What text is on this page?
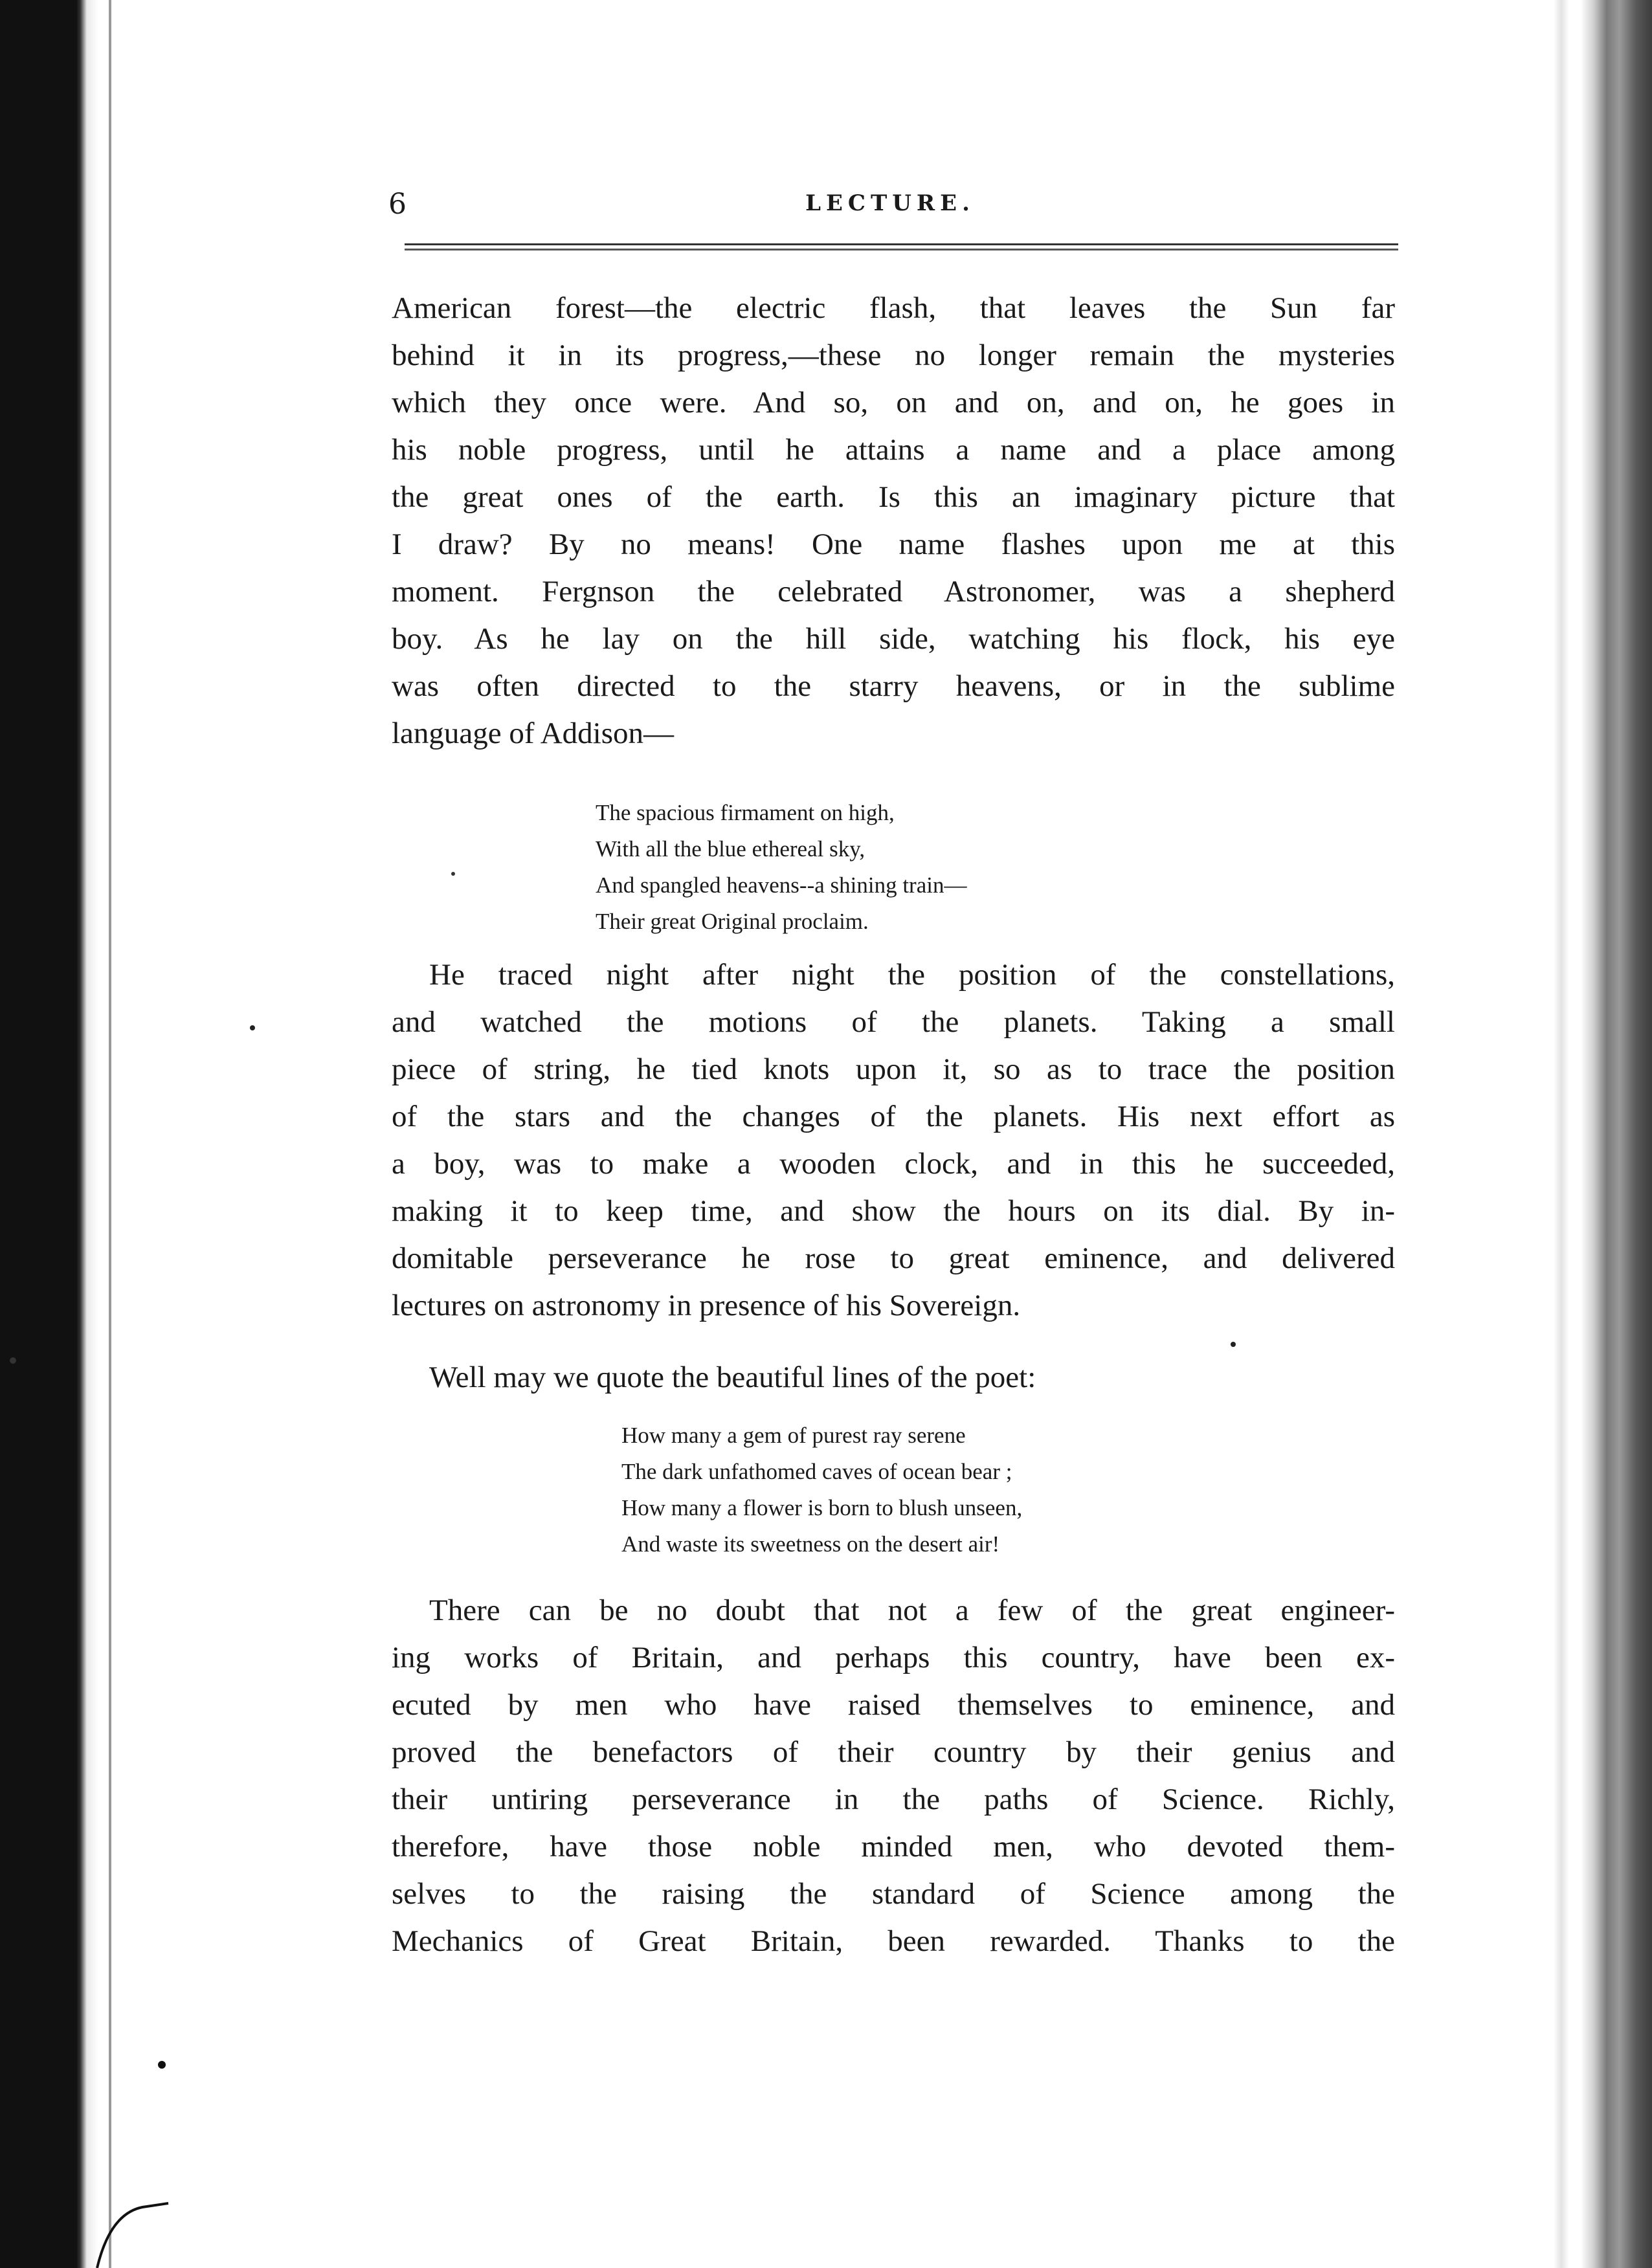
6	LECTURE.
American forest—the electric flash, that leaves the Sun far
behind it in its progress,—these no longer remain the mysteries
which they once were. And so, on and on, and on, he goes in
his noble progress, until he attains a name and a place among
the great ones of the earth. Is this an imaginary picture that
I draw? By no means! One name flashes upon me at this
moment. Fergnson the celebrated Astronomer, was a shepherd
boy. As he lay on the hill side, watching his flock, his eye
was often directed to the starry heavens, or in the sublime
language of Addison—
The spacious firmament on high,
With all the blue ethereal sky,
And spangled heavens--a shining train—
Their great Original proclaim.
He traced night after night the position of the constellations,
and watched the motions of the planets. Taking a small
piece of string, he tied knots upon it, so as to trace the position
of the stars and the changes of the planets. His next effort as
a boy, was to make a wooden clock, and in this he succeeded,
making it to keep time, and show the hours on its dial. By in-
domitable perseverance he rose to great eminence, and delivered
lectures on astronomy in presence of his Sovereign.
Well may we quote the beautiful lines of the poet:
How many a gem of purest ray serene
The dark unfathomed caves of ocean bear ;
How many a flower is born to blush unseen,
And waste its sweetness on the desert air!
There can be no doubt that not a few of the great engineer-
ing works of Britain, and perhaps this country, have been ex-
ecuted by men who have raised themselves to eminence, and
proved the benefactors of their country by their genius and
their untiring perseverance in the paths of Science. Richly,
therefore, have those noble minded men, who devoted them-
selves to the raising the standard of Science among the
Mechanics of Great Britain, been rewarded. Thanks to the
